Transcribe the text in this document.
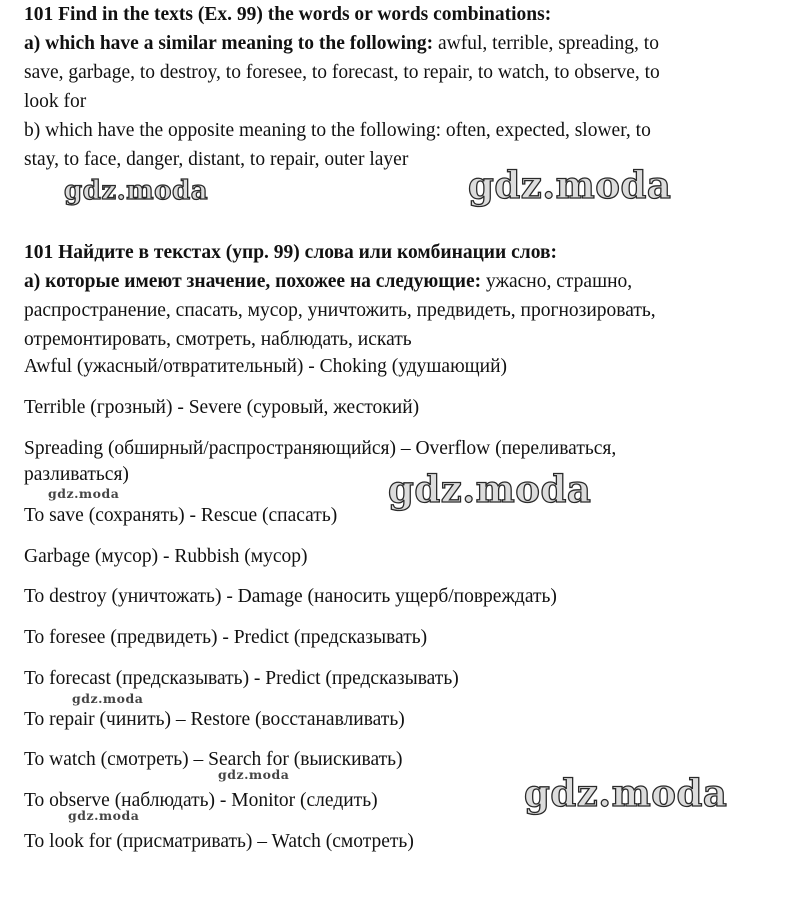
101 Find in the texts (Ex. 99) the words or words combinations:
a) which have a similar meaning to the following: awful, terrible, spreading, to
save, garbage, to destroy, to foresee, to forecast, to repair, to watch, to observe, to
look for
b) which have the opposite meaning to the following: often, expected, slower, to
stay, to face, danger, distant, to repair, outer layer
101 Найдите в текстах (упр. 99) слова или комбинации слов:
а) которые имеют значение, похожее на следующие: ужасно, страшно,
распространение, спасать, мусор, уничтожить, предвидеть, прогнозировать,
отремонтировать, смотреть, наблюдать, искать
Awful (ужасный/отвратительный) - Choking (удушающий)
Terrible (грозный) - Severe (суровый, жестокий)
Spreading (обширный/распространяющийся) – Overflow (переливаться,
разливаться)
To save (сохранять) - Rescue (спасать)
Garbage (мусор) - Rubbish (мусор)
To destroy (уничтожать) - Damage (наносить ущерб/повреждать)
To foresee (предвидеть) - Predict (предсказывать)
To forecast (предсказывать) - Predict (предсказывать)
To repair (чинить) – Restore (восстанавливать)
To watch (смотреть) – Search for (выискивать)
To observe (наблюдать) - Monitor (следить)
To look for (присматривать) – Watch (смотреть)
gdz.moda	gdz.moda
gdz.moda
gdz.moda
gdz.moda
gdz.moda
gdz.moda
gdz.moda
